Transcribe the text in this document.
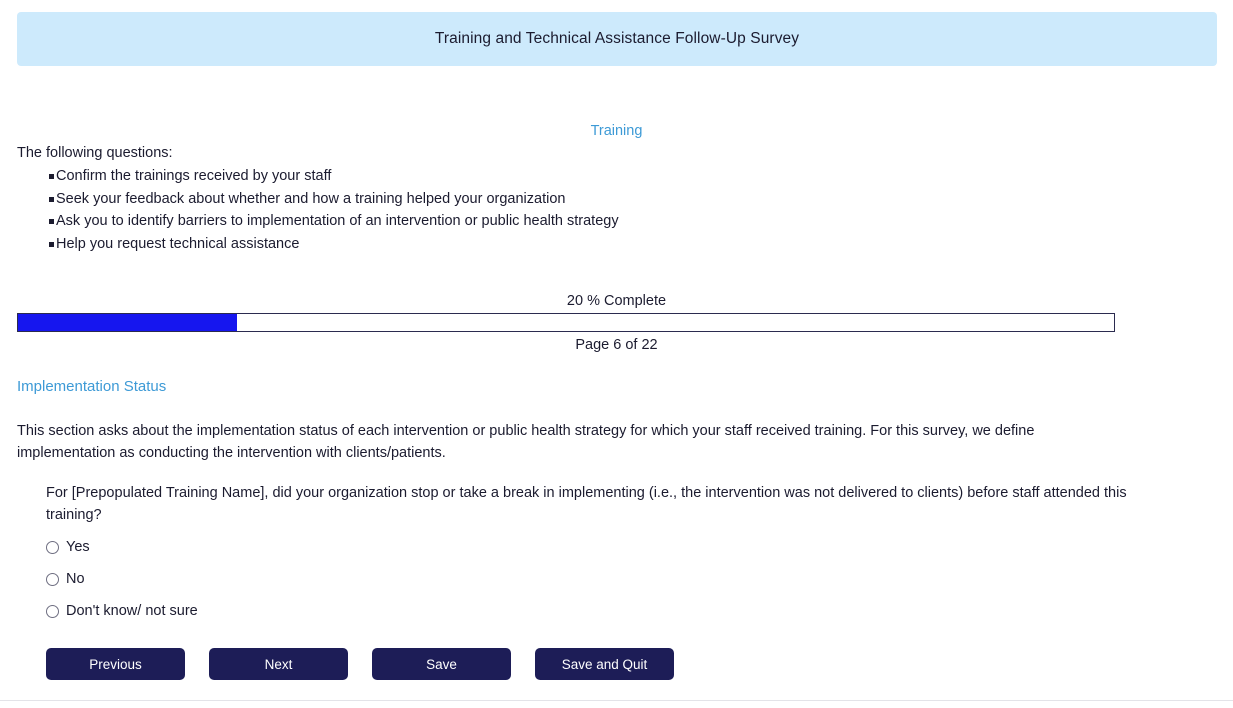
Training and Technical Assistance Follow-Up Survey
Training
The following questions:
Confirm the trainings received by your staff
Seek your feedback about whether and how a training helped your organization
Ask you to identify barriers to implementation of an intervention or public health strategy
Help you request technical assistance
20 % Complete
Page 6 of 22
Implementation Status
This section asks about the implementation status of each intervention or public health strategy for which your staff received training. For this survey, we define implementation as conducting the intervention with clients/patients.
For [Prepopulated Training Name], did your organization stop or take a break in implementing (i.e., the intervention was not delivered to clients) before staff attended this training?
Yes
No
Don't know/ not sure
Previous	Next	Save	Save and Quit
